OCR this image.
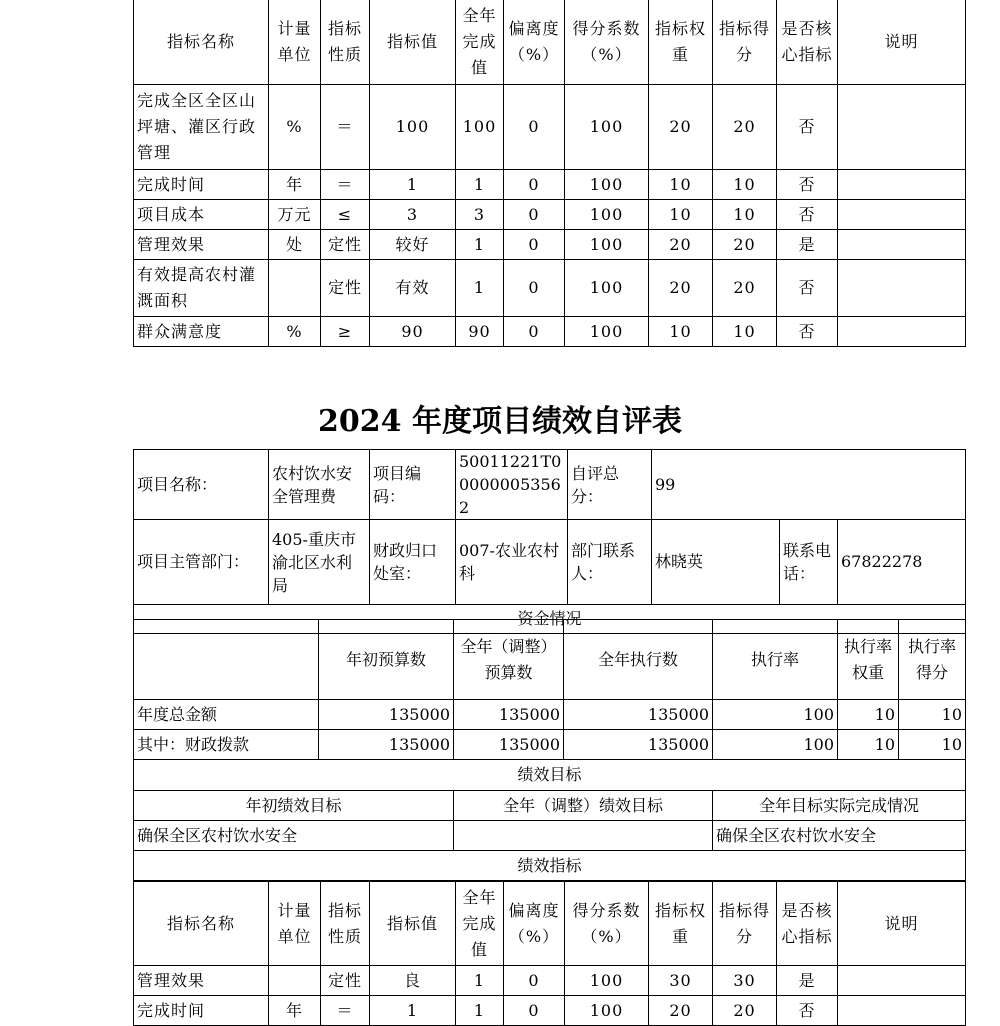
指标名称	计量单位	指标性质	指标值	全年完成值	偏离度（%）	得分系数（%）	指标权重	指标得分	是否核心指标	说明
完成全区全区山坪塘、灌区行政管理	%	＝	100	100	0	100	20	20	否	
完成时间	年	＝	1	1	0	100	10	10	否	
项目成本	万元	≤	3	3	0	100	10	10	否	
管理效果	处	定性	较好	1	0	100	20	20	是	
有效提高农村灌溉面积		定性	有效	1	0	100	20	20	否	
群众满意度	%	≥	90	90	0	100	10	10	否	
2024 年度项目绩效自评表
项目名称：	农村饮水安全管理费	项目编码：	50011221T000000053562	自评总分：	99		
项目主管部门：	405-重庆市渝北区水利局	财政归口处室：	007-农业农村科	部门联系人：	林晓英	联系电话：	67822278
资金情况							
	年初预算数	全年（调整）预算数	全年执行数	执行率	执行率权重	执行率得分
年度总金额	135000	135000	135000	100	10	10
其中：财政拨款	135000	135000	135000	100	10	10
绩效目标		
年初绩效目标	全年（调整）绩效目标	全年目标实际完成情况
确保全区农村饮水安全		确保全区农村饮水安全
绩效指标		
指标名称	计量单位	指标性质	指标值	全年完成值	偏离度（%）	得分系数（%）	指标权重	指标得分	是否核心指标	说明
管理效果		定性	良	1	0	100	30	30	是	
完成时间	年	＝	1	1	0	100	20	20	否	
